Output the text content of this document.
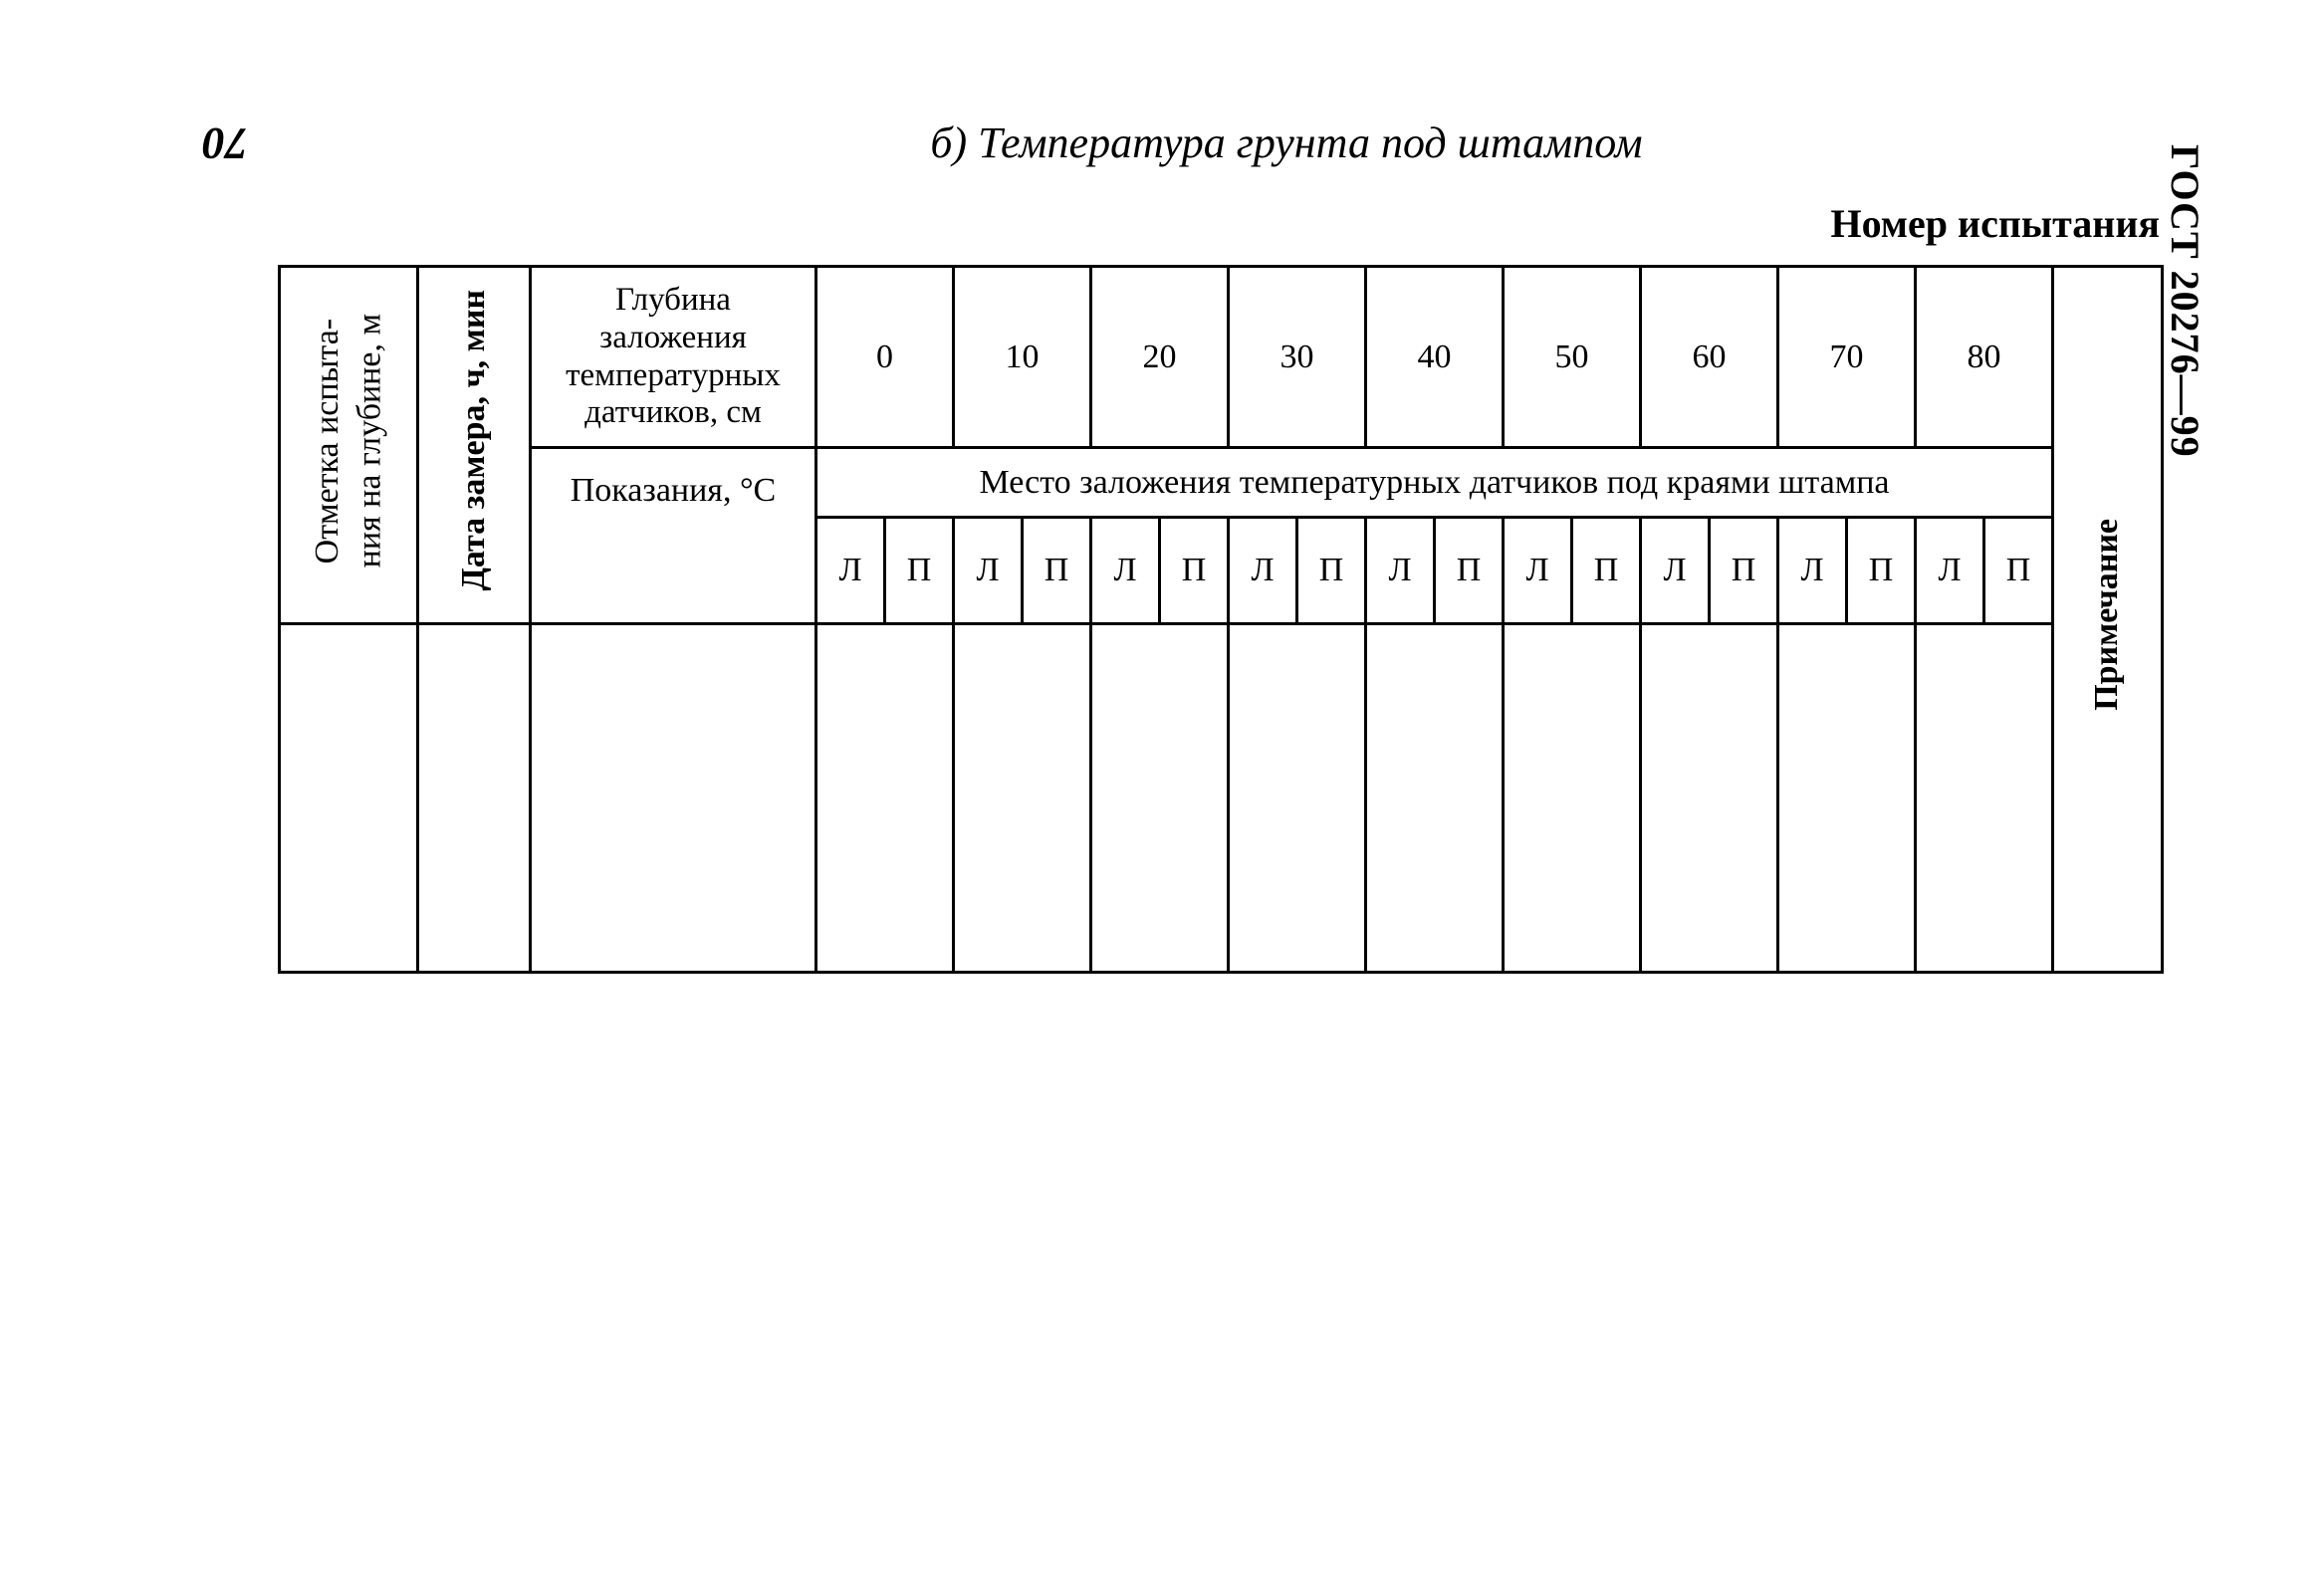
70	б) Температура грунта под штампом
ГОСТ 20276—99
Номер испытания
Отметка испыта-
ния на глубине, м	Дата замера, ч, мин	Глубина заложения температурных датчиков, см	0		10		20		30		40		50		60		70		80		Примечание
		Показания, °С	Место заложения температурных датчиков под краями штампа																		
			Л	П	Л	П	Л	П	Л	П	Л	П	Л	П	Л	П	Л	П	Л	П	
